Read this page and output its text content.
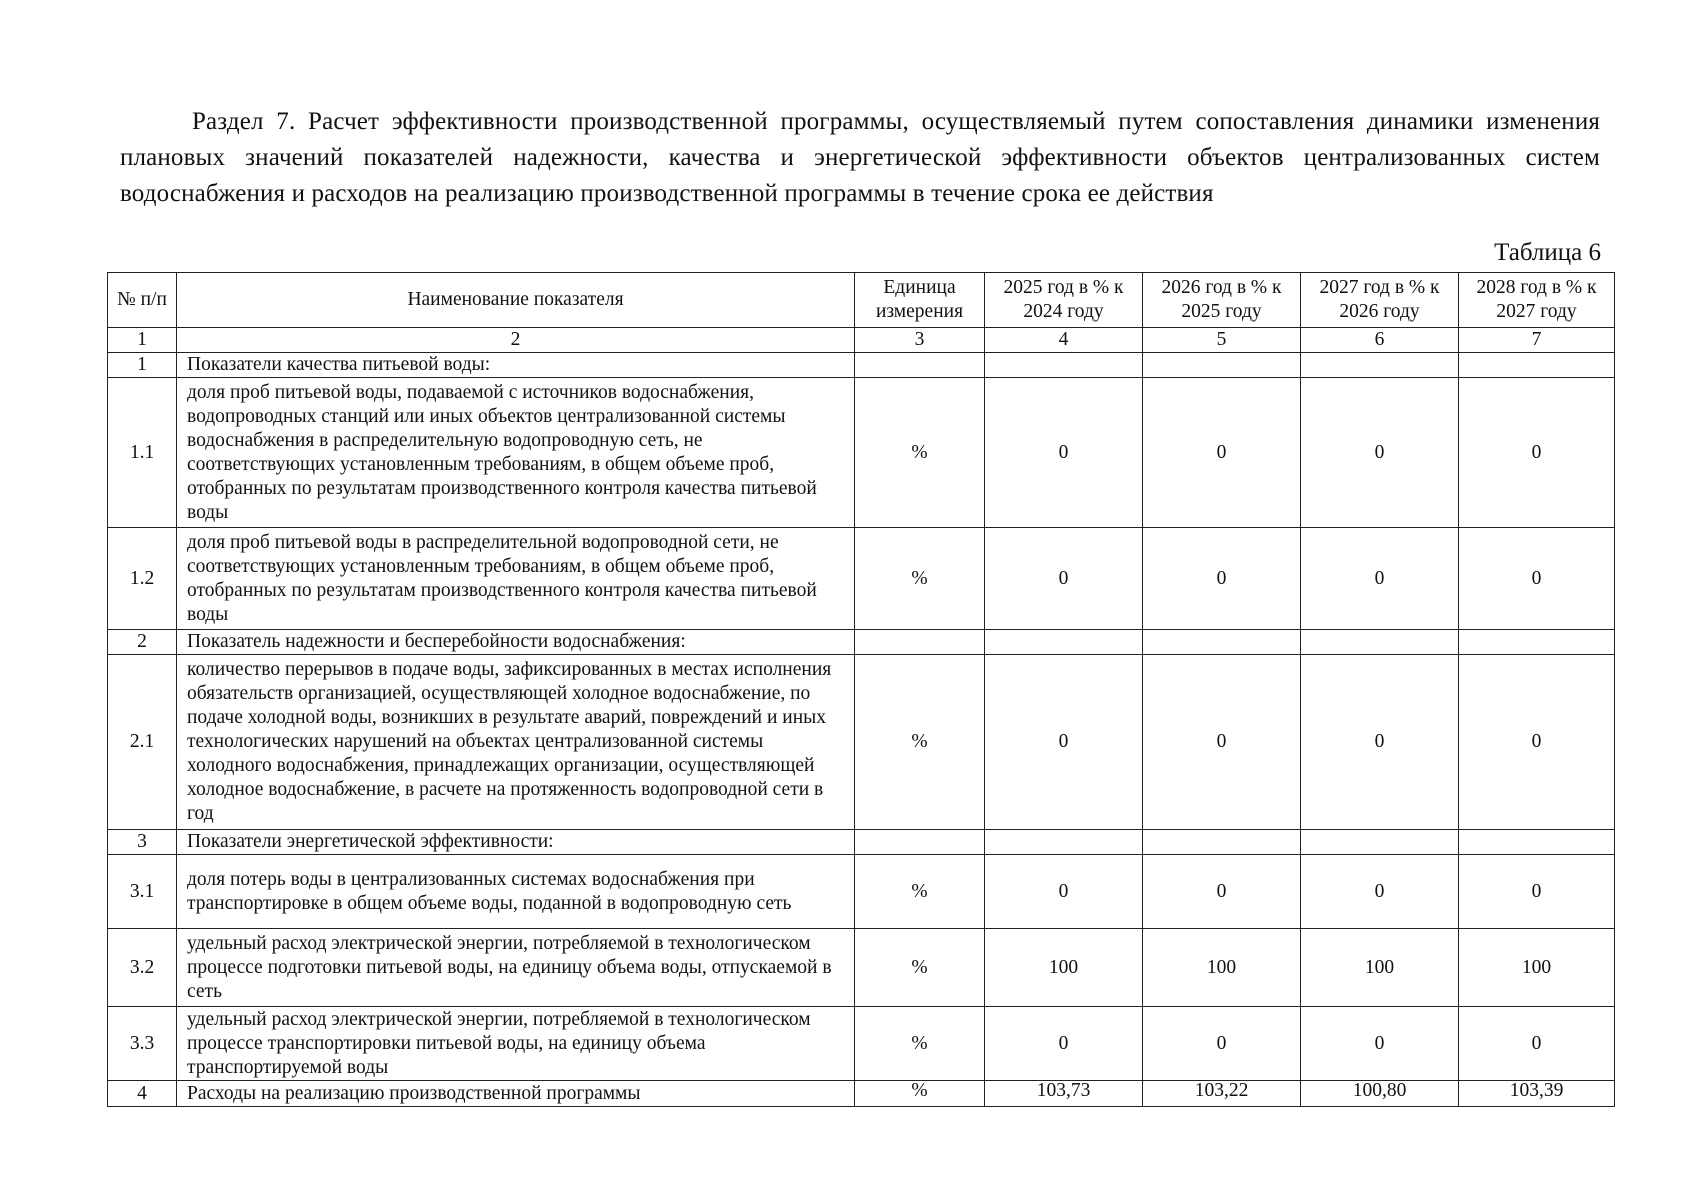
Раздел 7. Расчет эффективности производственной программы, осуществляемый путем сопоставления динамики изменения плановых значений показателей надежности, качества и энергетической эффективности объектов централизованных систем водоснабжения и расходов на реализацию производственной программы в течение срока ее действия

Таблица 6
№ п/п	Наименование показателя	Единица измерения	2025 год в % к 2024 году	2026 год в % к 2025 году	2027 год в % к 2026 году	2028 год в % к 2027 году
1	2	3	4	5	6	7
1	Показатели качества питьевой воды:					
1.1	доля проб питьевой воды, подаваемой с источников водоснабжения, водопроводных станций или иных объектов централизованной системы водоснабжения в распределительную водопроводную сеть, не соответствующих установленным требованиям, в общем объеме проб, отобранных по результатам производственного контроля качества питьевой воды	%	0	0	0	0
1.2	доля проб питьевой воды в распределительной водопроводной сети, не соответствующих установленным требованиям, в общем объеме проб, отобранных по результатам производственного контроля качества питьевой воды	%	0	0	0	0
2	Показатель надежности и бесперебойности водоснабжения:					
2.1	количество перерывов в подаче воды, зафиксированных в местах исполнения обязательств организацией, осуществляющей холодное водоснабжение, по подаче холодной воды, возникших в результате аварий, повреждений и иных технологических нарушений на объектах централизованной системы холодного водоснабжения, принадлежащих организации, осуществляющей холодное водоснабжение, в расчете на протяженность водопроводной сети в год	%	0	0	0	0
3	Показатели энергетической эффективности:					
3.1	доля потерь воды в централизованных системах водоснабжения при транспортировке в общем объеме воды, поданной в водопроводную сеть	%	0	0	0	0
3.2	удельный расход электрической энергии, потребляемой в технологическом процессе подготовки питьевой воды, на единицу объема воды, отпускаемой в сеть	%	100	100	100	100
3.3	удельный расход электрической энергии, потребляемой в технологическом процессе транспортировки питьевой воды, на единицу объема транспортируемой воды	%	0	0	0	0
4	Расходы на реализацию производственной программы	%	103,73	103,22	100,80	103,39
